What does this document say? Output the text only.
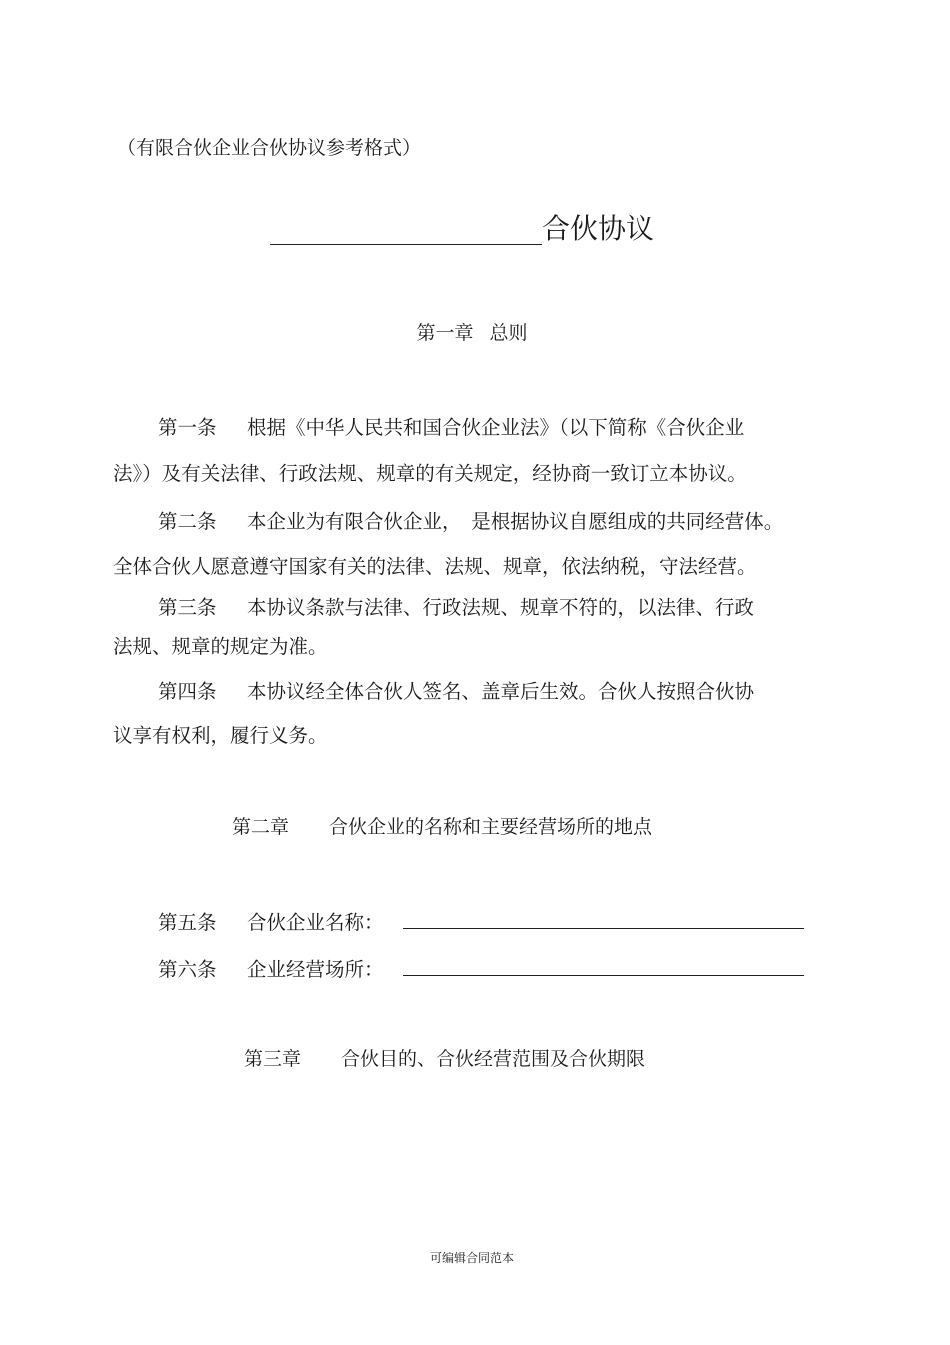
（有限合伙企业合伙协议参考格式）
合伙协议
第一章 总则
第一条 根据《中华人民共和国合伙企业法》（以下简称《合伙企业
法》）及有关法律、行政法规、规章的有关规定，经协商一致订立本协议。
第二条 本企业为有限合伙企业，　是根据协议自愿组成的共同经营体。
全体合伙人愿意遵守国家有关的法律、法规、规章，依法纳税，守法经营。
第三条 本协议条款与法律、行政法规、规章不符的，以法律、行政
法规、规章的规定为准。
第四条 本协议经全体合伙人签名、盖章后生效。合伙人按照合伙协
议享有权利，履行义务。
第二章 合伙企业的名称和主要经营场所的地点
第五条	合伙企业名称：
第六条	企业经营场所：
第三章 合伙目的、合伙经营范围及合伙期限
可编辑合同范本
